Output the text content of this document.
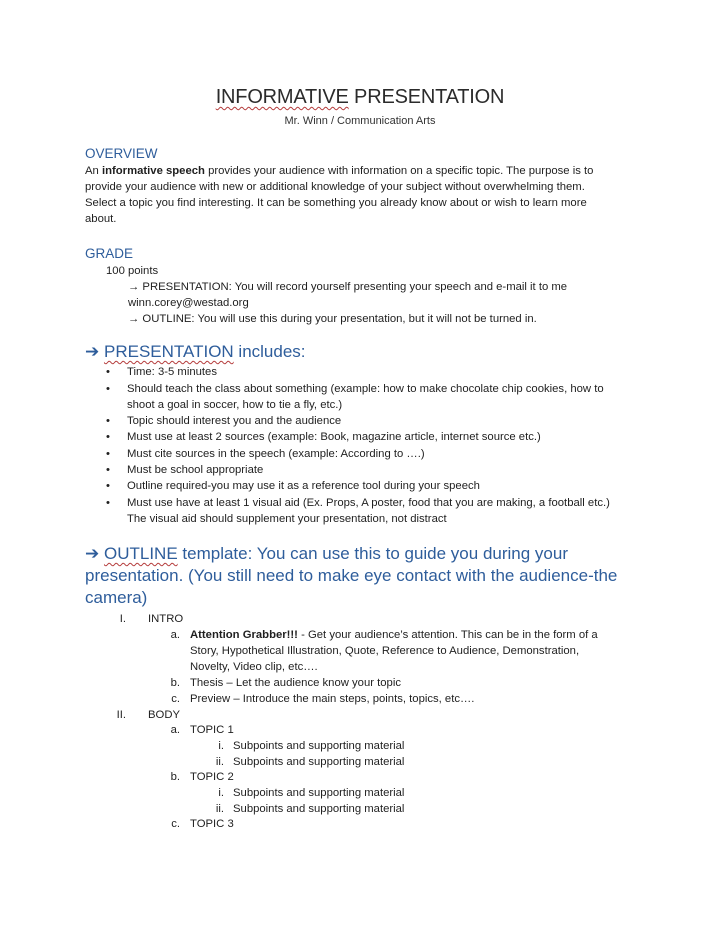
INFORMATIVE PRESENTATION
Mr. Winn / Communication Arts
OVERVIEW
An informative speech provides your audience with information on a specific topic. The purpose is to
provide your audience with new or additional knowledge of your subject without overwhelming them.
Select a topic you find interesting. It can be something you already know about or wish to learn more
about.
GRADE
100 points
→ PRESENTATION: You will record yourself presenting your speech and e-mail it to me
winn.corey@westad.org
→ OUTLINE: You will use this during your presentation, but it will not be turned in.
➔ PRESENTATION includes:
• Time: 3-5 minutes
• Should teach the class about something (example: how to make chocolate chip cookies, how to
shoot a goal in soccer, how to tie a fly, etc.)
• Topic should interest you and the audience
• Must use at least 2 sources (example: Book, magazine article, internet source etc.)
• Must cite sources in the speech (example: According to ….)
• Must be school appropriate
• Outline required-you may use it as a reference tool during your speech
• Must use have at least 1 visual aid (Ex. Props, A poster, food that you are making, a football etc.)
The visual aid should supplement your presentation, not distract
➔ OUTLINE template: You can use this to guide you during your
presentation. (You still need to make eye contact with the audience-the
camera)
I. INTRO
a. Attention Grabber!!! - Get your audience’s attention. This can be in the form of a
Story, Hypothetical Illustration, Quote, Reference to Audience, Demonstration,
Novelty, Video clip, etc….
b. Thesis – Let the audience know your topic
c. Preview – Introduce the main steps, points, topics, etc….
II. BODY
a. TOPIC 1
i. Subpoints and supporting material
ii. Subpoints and supporting material
b. TOPIC 2
i. Subpoints and supporting material
ii. Subpoints and supporting material
c. TOPIC 3
